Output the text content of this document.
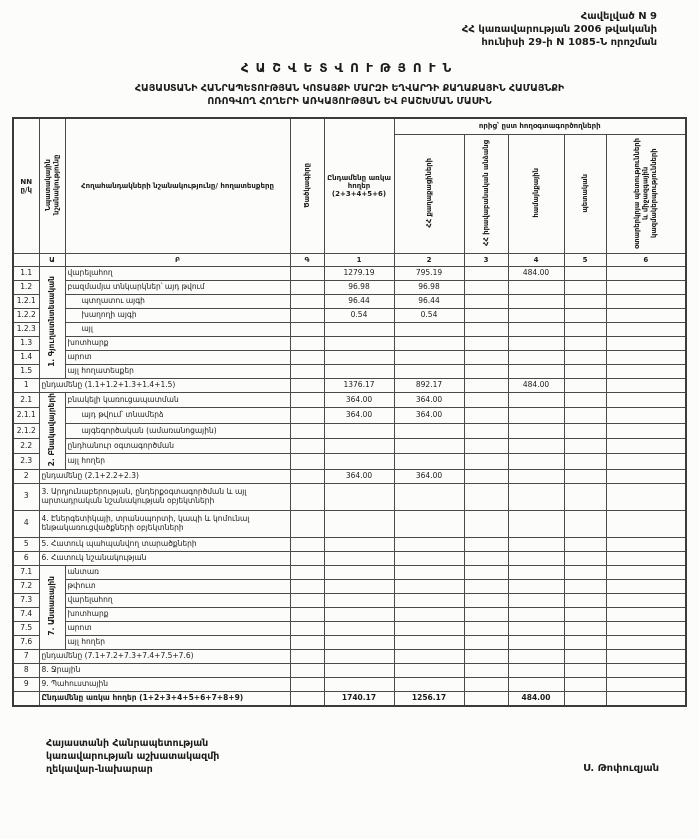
Հավելված N 9
ՀՀ կառավարության 2006 թվականի
հունիսի 29-ի N 1085-Ն որոշման
ՀԱՇՎԵՏՎՈՒԹՅՈՒՆ
ՀԱՅԱՍՏԱՆԻ ՀԱՆՐԱՊԵՏՈՒԹՅԱՆ ԿՈՏԱՅՔԻ ՄԱՐԶԻ ԵՂՎԱՐԴԻ ՔԱՂԱՔԱՅԻՆ ՀԱՄԱՅՆՔԻ
ՈՌՈԳՎՈՂ ՀՈՂԵՐԻ ԱՌԿԱՅՈՒԹՅԱՆ ԵՎ ԲԱՇԽՄԱՆ ՄԱՍԻՆ
NN ը/կ	Նպատակային նշանակությունը	Հողահանդակների նշանակությունը/ հողատեսքերը	Ծածկագիրը	Ընդամենը առկա հողեր (2+3+4+5+6)	որից՝ ըստ հողօգտագործողների				
					ՀՀ քաղաքացիների	ՀՀ իրավաբանական անձանց	համայնքային	պետական	օտարերկրյա պետությունների և միջազգային կազմակերպությունների
	Ա	Բ	Գ	1	2	3	4	5	6
1.1	1. Գյուղատնտեսական	վարելահող		1279.19	795.19		484.00		
1.2		բազմամյա տնկարկներ՝ այդ թվում		96.98	96.98				
1.2.1		պտղատու այգի		96.44	96.44				
1.2.2		խաղողի այգի		0.54	0.54				
1.2.3		այլ							
1.3		խոտհարք							
1.4		արոտ							
1.5		այլ հողատեսքեր							
1	ընդամենը (1.1+1.2+1.3+1.4+1.5)			1376.17	892.17		484.00		
2.1	2. Բնակավայրերի	բնակելի կառուցապատման		364.00	364.00				
2.1.1		այդ թվում՝ տնամերձ		364.00	364.00				
2.1.2		այգեգործական (ամառանոցային)							
2.2		ընդհանուր օգտագործման							
2.3		այլ հողեր							
2	ընդամենը (2.1+2.2+2.3)			364.00	364.00				
3	3. Արդյունաբերության, ընդերքօգտագործման և այլ արտադրական նշանակության օբյեկտների								
4	4. Էներգետիկայի, տրանսպորտի, կապի և կոմունալ ենթակառուցվածքների օբյեկտների								
5	5. Հատուկ պահպանվող տարածքների								
6	6. Հատուկ նշանակության								
7.1	7. Անտառային	անտառ							
7.2		թփուտ							
7.3		վարելահող							
7.4		խոտհարք							
7.5		արոտ							
7.6		այլ հողեր							
7	ընդամենը (7.1+7.2+7.3+7.4+7.5+7.6)								
8	8. Ջրային								
9	9. Պահուստային								
	Ընդամենը առկա հողեր (1+2+3+4+5+6+7+8+9)			1740.17	1256.17		484.00		
Հայաստանի Հանրապետության
կառավարության աշխատակազմի
ղեկավար-նախարար	Ս. Թոփուզյան
